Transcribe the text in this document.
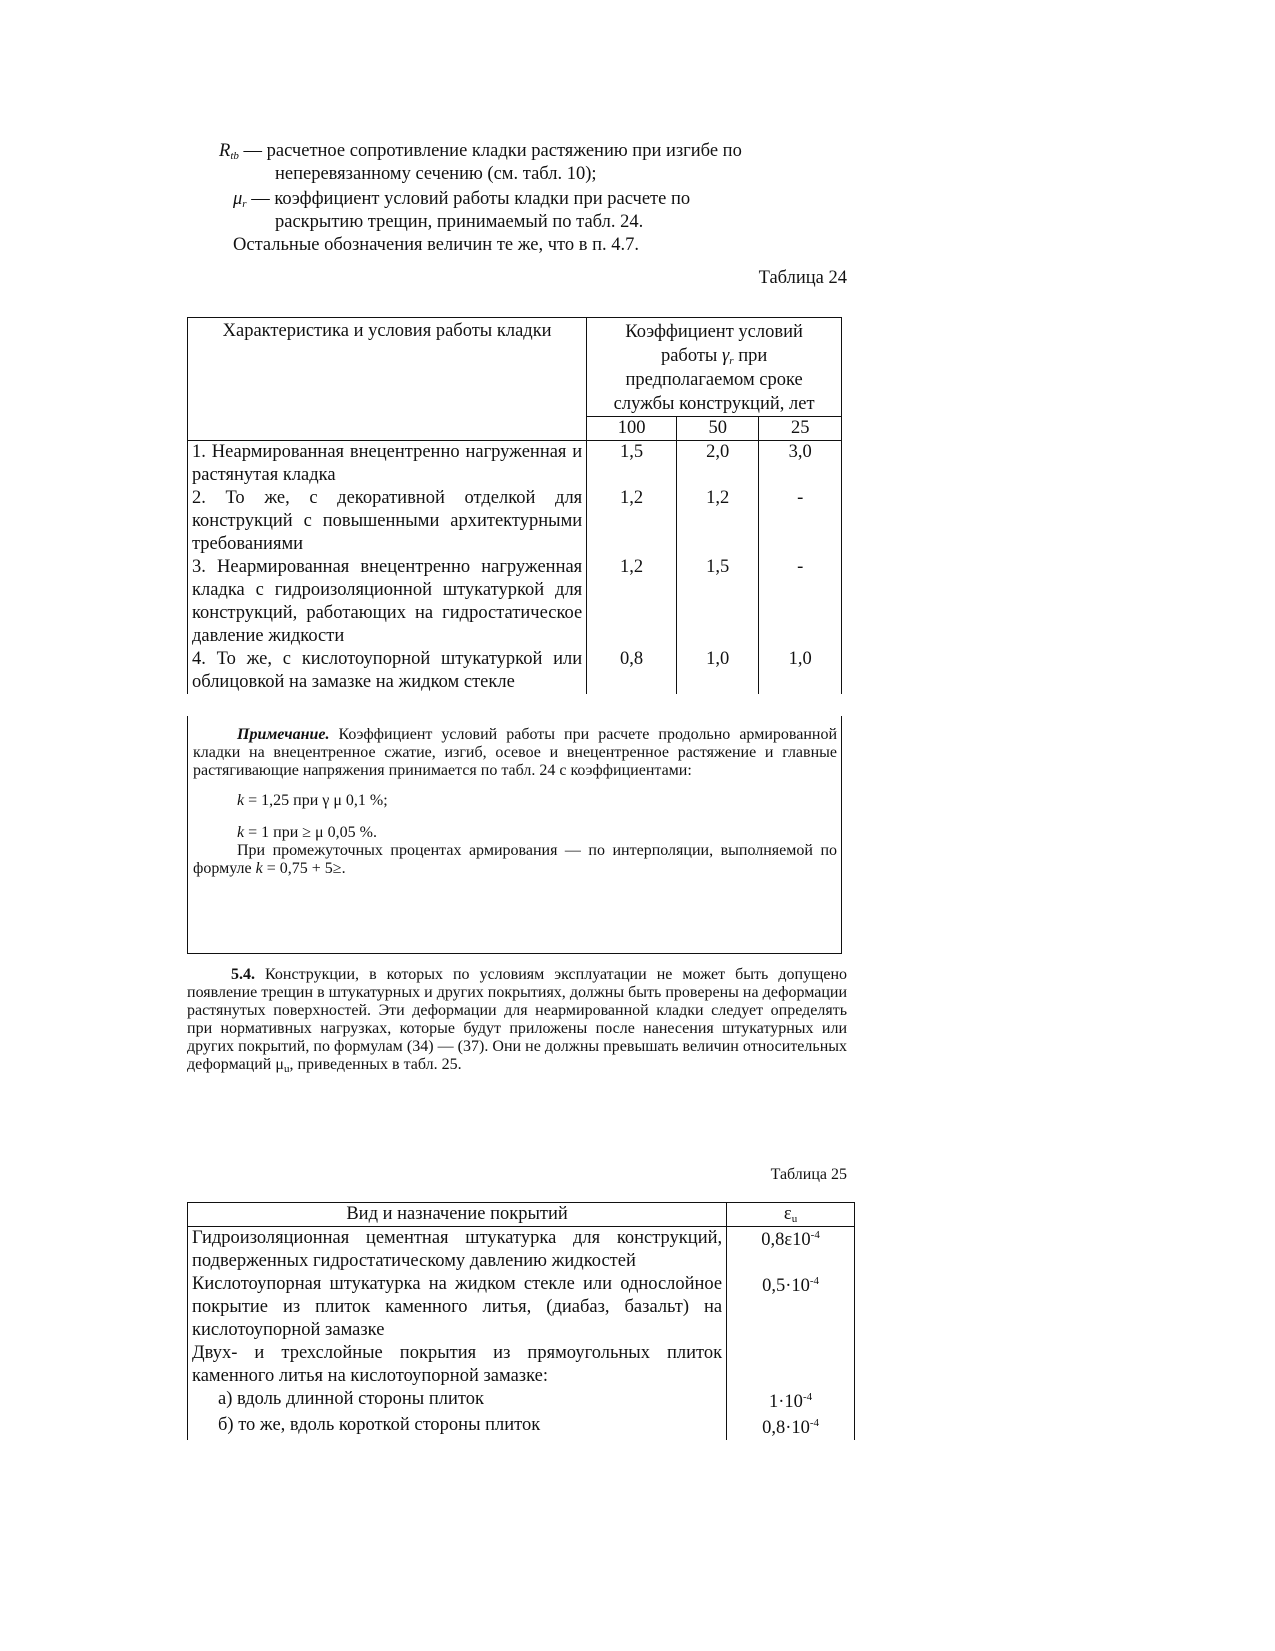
$R_{tb}$ — расчетное сопротивление кладки растяжению при изгибе по
неперевязанному сечению (см. табл. 10);
$\mu_r$ — коэффициент условий работы кладки при расчете по
раскрытию трещин, принимаемый по табл. 24.
Остальные обозначения величин те же, что в п. 4.7.
Таблица 24
Характеристика и условия работы кладки	Коэффициент условий
работы $\gamma_r$ при
предполагаемом сроке
службы конструкций, лет		
	100	50	25
1. Неармированная внецентренно нагруженная и растянутая кладка	1,5	2,0	3,0
2. То же, с декоративной отделкой для конструкций с повышенными архитектурными требованиями	1,2	1,2	-
3. Неармированная внецентренно нагруженная кладка с гидроизоляционной штукатуркой для конструкций, работающих на гидростатическое давление жидкости	1,2	1,5	-
4. То же, с кислотоупорной штукатуркой или облицовкой на замазке на жидком стекле	0,8	1,0	1,0

Примечание. Коэффициент условий работы при расчете продольно армированной кладки на внецентренное сжатие, изгиб, осевое и внецентренное растяжение и главные растягивающие напряжения принимается по табл. 24 с коэффициентами:

k = 1,25 при γ μ 0,1 %;

k = 1 при ≥ μ 0,05 %.

При промежуточных процентах армирования — по интерполяции, выполняемой по формуле k = 0,75 + 5≥.

5.4. Конструкции, в которых по условиям эксплуатации не может быть допущено появление трещин в штукатурных и других покрытиях, должны быть проверены на деформации растянутых поверхностей. Эти деформации для неармированной кладки следует определять при нормативных нагрузках, которые будут приложены после нанесения штукатурных или других покрытий, по формулам (34) — (37). Они не должны превышать величин относительных деформаций $\mu_u$, приведенных в табл. 25.

Таблица 25
Вид и назначение покрытий	$\varepsilon_u$
Гидроизоляционная цементная штукатурка для конструкций, подверженных гидростатическому давлению жидкостей	$0,8\varepsilon 10^{-4}$
Кислотоупорная штукатурка на жидком стекле или однослойное покрытие из плиток каменного литья, (диабаз, базальт) на кислотоупорной замазке	$0,5\cdot 10^{-4}$
Двух- и трехслойные покрытия из прямоугольных плиток каменного литья на кислотоупорной замазке:	
а) вдоль длинной стороны плиток	$1\cdot 10^{-4}$
б) то же, вдоль короткой стороны плиток	$0,8\cdot 10^{-4}$
